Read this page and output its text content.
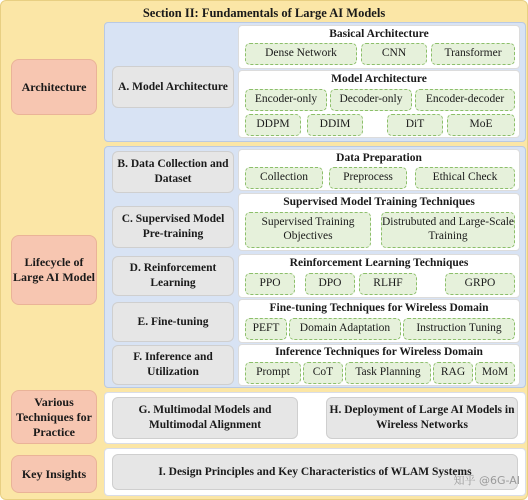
Section II: Fundamentals of Large AI Models
Architecture
Lifecycle of Large AI Model
Various Techniques for Practice
Key Insights
A. Model Architecture
Basical Architecture
Dense Network	CNN	Transformer
Model Architecture
Encoder-only	Decoder-only	Encoder-decoder
DDPM	DDIM	DiT	MoE
B. Data Collection and Dataset
Data Preparation
Collection	Preprocess	Ethical Check
C. Supervised Model Pre-training
Supervised Model Training Techniques
Supervised Training Objectives
Distrubuted and Large-Scale Training
D. Reinforcement Learning
Reinforcement Learning Techniques
PPO	DPO	RLHF	GRPO
E. Fine-tuning
Fine-tuning Techniques for Wireless Domain
PEFT	Domain Adaptation	Instruction Tuning
F. Inference and Utilization
Inference Techniques for Wireless Domain
Prompt	CoT	Task Planning	RAG	MoM
G. Multimodal Models and Multimodal Alignment
H. Deployment of Large AI Models in Wireless Networks
I. Design Principles and Key Characteristics of WLAM Systems
知乎 @6G-AI
